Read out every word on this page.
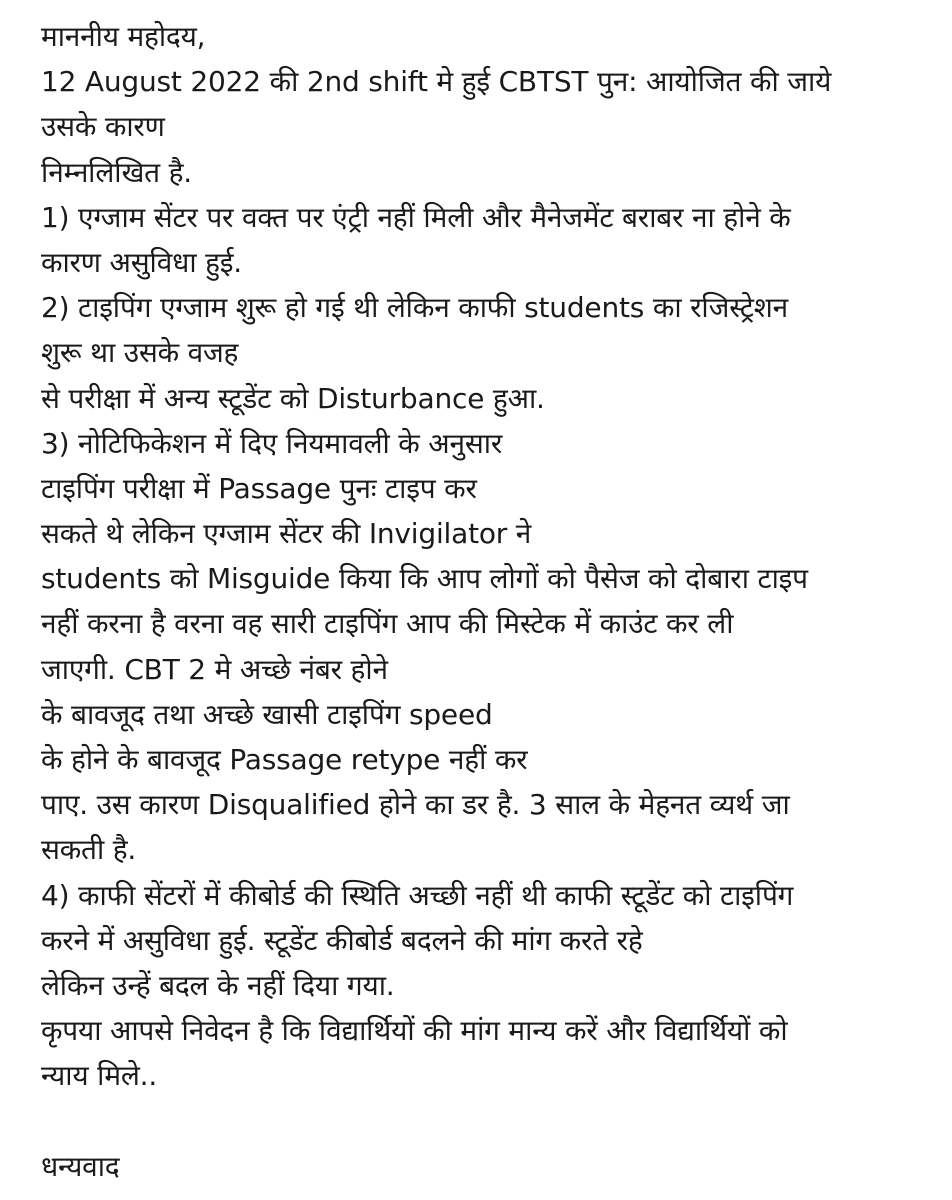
माननीय महोदय,
12 August 2022 की 2nd shift मे हुई CBTST पुन: आयोजित की जाये
उसके कारण
निम्नलिखित है.
1) एग्जाम सेंटर पर वक्त पर एंट्री नहीं मिली और मैनेजमेंट बराबर ना होने के
कारण असुविधा हुई.
2) टाइपिंग एग्जाम शुरू हो गई थी लेकिन काफी students का रजिस्ट्रेशन
शुरू था उसके वजह
से परीक्षा में अन्य स्टूडेंट को Disturbance हुआ.
3) नोटिफिकेशन में दिए नियमावली के अनुसार
टाइपिंग परीक्षा में Passage पुनः टाइप कर
सकते थे लेकिन एग्जाम सेंटर की Invigilator ने
students को Misguide किया कि आप लोगों को पैसेज को दोबारा टाइप
नहीं करना है वरना वह सारी टाइपिंग आप की मिस्टेक में काउंट कर ली
जाएगी. CBT 2 मे अच्छे नंबर होने
के बावजूद तथा अच्छे खासी टाइपिंग speed
के होने के बावजूद Passage retype नहीं कर
पाए. उस कारण Disqualified होने का डर है. 3 साल के मेहनत व्यर्थ जा
सकती है.
4) काफी सेंटरों में कीबोर्ड की स्थिति अच्छी नहीं थी काफी स्टूडेंट को टाइपिंग
करने में असुविधा हुई. स्टूडेंट कीबोर्ड बदलने की मांग करते रहे
लेकिन उन्हें बदल के नहीं दिया गया.
कृपया आपसे निवेदन है कि विद्यार्थियों की मांग मान्य करें और विद्यार्थियों को
न्याय मिले..
धन्यवाद
